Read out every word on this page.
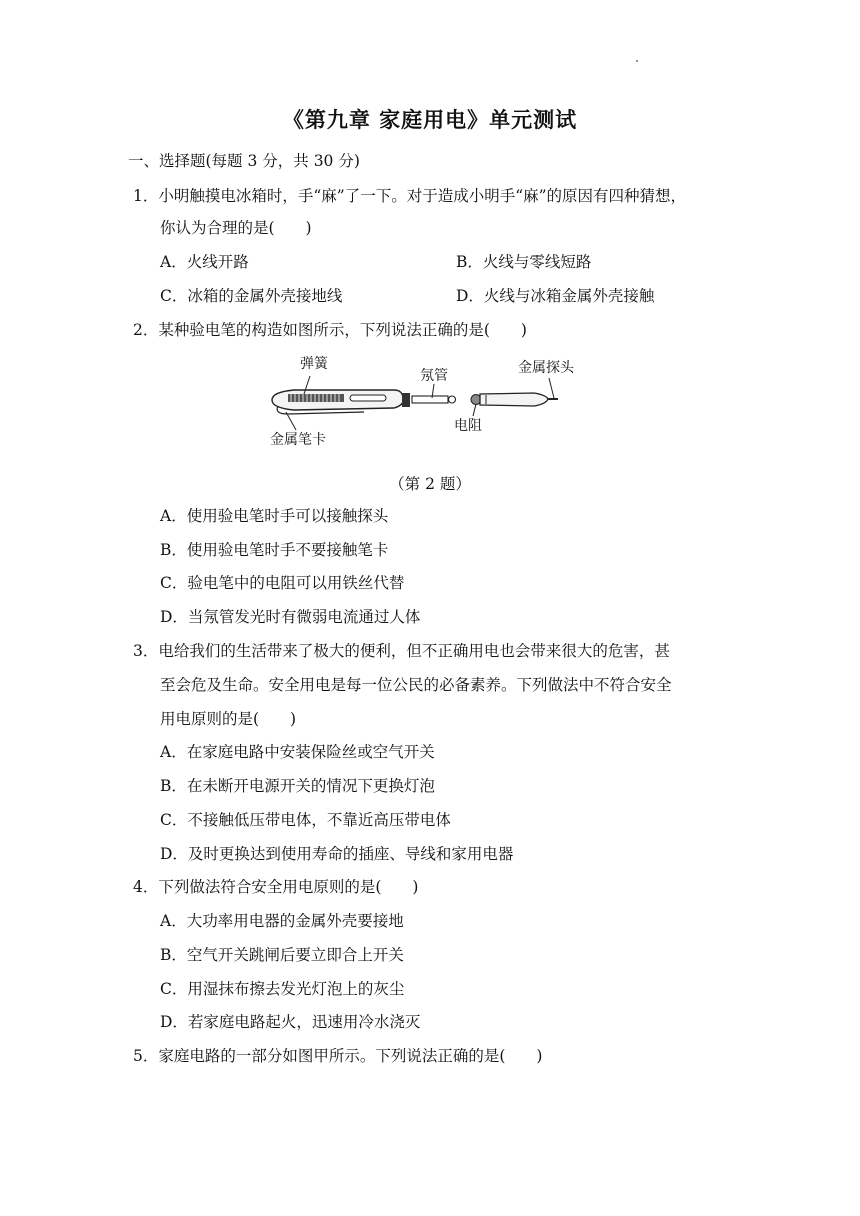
《第九章 家庭用电》单元测试
一、选择题(每题 3 分，共 30 分)
1．小明触摸电冰箱时，手“麻”了一下。对于造成小明手“麻”的原因有四种猜想，
你认为合理的是(　　)
A．火线开路	B．火线与零线短路
C．冰箱的金属外壳接地线	D．火线与冰箱金属外壳接触
2．某种验电笔的构造如图所示，下列说法正确的是(　　)
弹簧
氖管	金属探头
金属笔卡
电阻
（第 2 题）
A．使用验电笔时手可以接触探头
B．使用验电笔时手不要接触笔卡
C．验电笔中的电阻可以用铁丝代替
D．当氖管发光时有微弱电流通过人体
3．电给我们的生活带来了极大的便利，但不正确用电也会带来很大的危害，甚
至会危及生命。安全用电是每一位公民的必备素养。下列做法中不符合安全
用电原则的是(　　)
A．在家庭电路中安装保险丝或空气开关
B．在未断开电源开关的情况下更换灯泡
C．不接触低压带电体，不靠近高压带电体
D．及时更换达到使用寿命的插座、导线和家用电器
4．下列做法符合安全用电原则的是(　　)
A．大功率用电器的金属外壳要接地
B．空气开关跳闸后要立即合上开关
C．用湿抹布擦去发光灯泡上的灰尘
D．若家庭电路起火，迅速用冷水浇灭
5．家庭电路的一部分如图甲所示。下列说法正确的是(　　)
